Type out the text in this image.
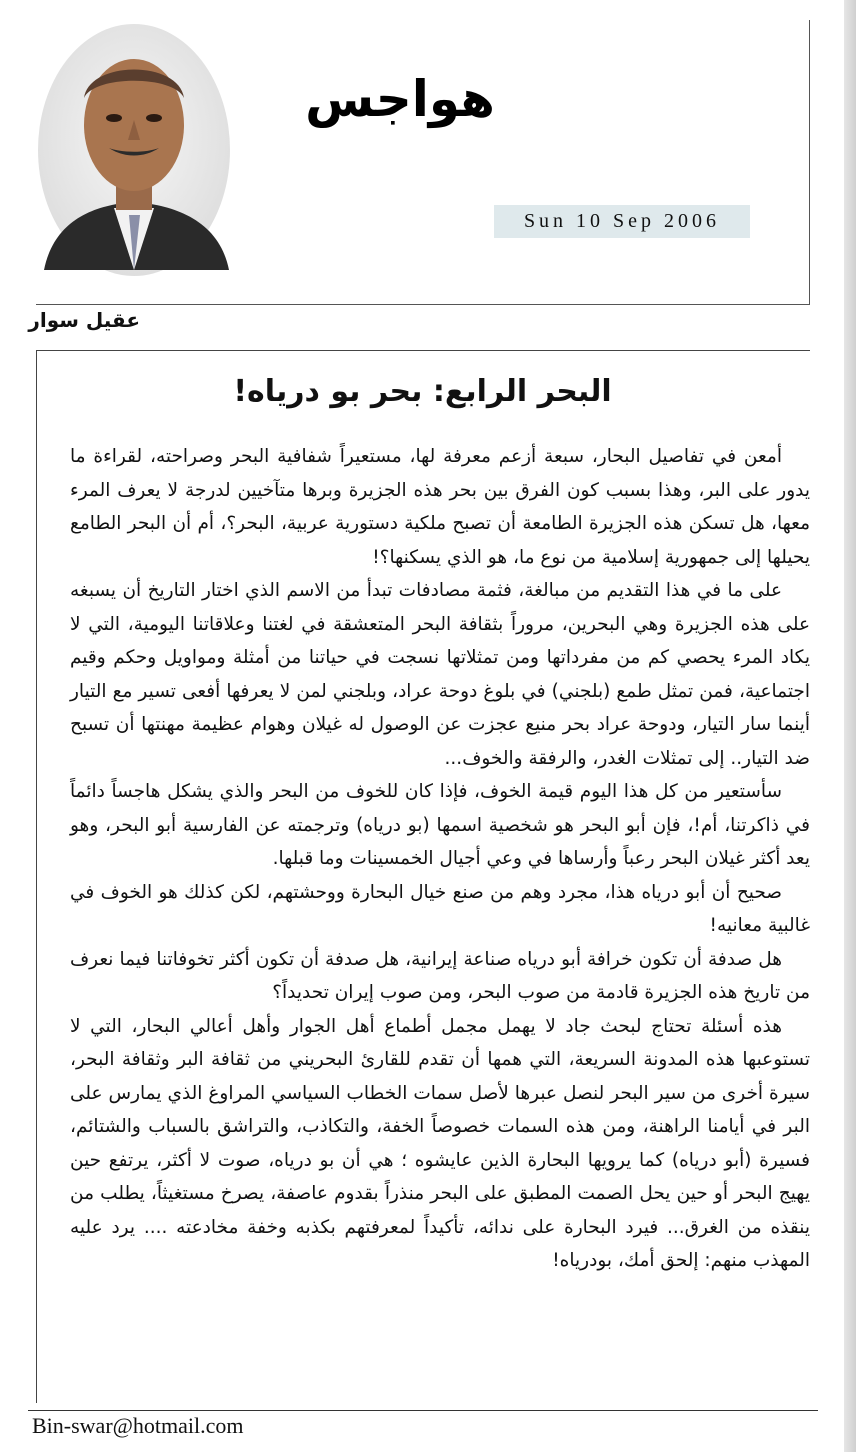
هواجس
Sun 10 Sep 2006
عقيل سوار
البحر الرابع: بحر بو درياه!

أمعن في تفاصيل البحار، سبعة أزعم معرفة لها، مستعيراً شفافية البحر وصراحته، لقراءة ما يدور على البر، وهذا بسبب كون الفرق بين بحر هذه الجزيرة وبرها متآخيين لدرجة لا يعرف المرء معها، هل تسكن هذه الجزيرة الطامعة أن تصبح ملكية دستورية عربية، البحر؟، أم أن البحر الطامع يحيلها إلى جمهورية إسلامية من نوع ما، هو الذي يسكنها؟!

على ما في هذا التقديم من مبالغة، فثمة مصادفات تبدأ من الاسم الذي اختار التاريخ أن يسبغه على هذه الجزيرة وهي البحرين، مروراً بثقافة البحر المتعشقة في لغتنا وعلاقاتنا اليومية، التي لا يكاد المرء يحصي كم من مفرداتها ومن تمثلاتها نسجت في حياتنا من أمثلة ومواويل وحكم وقيم اجتماعية، فمن تمثل طمع (بلجني) في بلوغ دوحة عراد، وبلجني لمن لا يعرفها أفعى تسير مع التيار أينما سار التيار، ودوحة عراد بحر منيع عجزت عن الوصول له غيلان وهوام عظيمة مهنتها أن تسبح ضد التيار.. إلى تمثلات الغدر، والرفقة والخوف...

سأستعير من كل هذا اليوم قيمة الخوف، فإذا كان للخوف من البحر والذي يشكل هاجساً دائماً في ذاكرتنا، أم!، فإن أبو البحر هو شخصية اسمها (بو درياه) وترجمته عن الفارسية أبو البحر، وهو يعد أكثر غيلان البحر رعباً وأرساها في وعي أجيال الخمسينات وما قبلها.

صحيح أن أبو درياه هذا، مجرد وهم من صنع خيال البحارة ووحشتهم، لكن كذلك هو الخوف في غالبية معانيه!

هل صدفة أن تكون خرافة أبو درياه صناعة إيرانية، هل صدفة أن تكون أكثر تخوفاتنا فيما نعرف من تاريخ هذه الجزيرة قادمة من صوب البحر، ومن صوب إيران تحديداً؟

هذه أسئلة تحتاج لبحث جاد لا يهمل مجمل أطماع أهل الجوار وأهل أعالي البحار، التي لا تستوعبها هذه المدونة السريعة، التي همها أن تقدم للقارئ البحريني من ثقافة البر وثقافة البحر، سيرة أخرى من سير البحر لنصل عبرها لأصل سمات الخطاب السياسي المراوغ الذي يمارس على البر في أيامنا الراهنة، ومن هذه السمات خصوصاً الخفة، والتكاذب، والتراشق بالسباب والشتائم، فسيرة (أبو درياه) كما يرويها البحارة الذين عايشوه ؛ هي أن بو درياه، صوت لا أكثر، يرتفع حين يهيج البحر أو حين يحل الصمت المطبق على البحر منذراً بقدوم عاصفة، يصرخ مستغيثاً، يطلب من ينقذه من الغرق... فيرد البحارة على ندائه، تأكيداً لمعرفتهم بكذبه وخفة مخادعته .... يرد عليه المهذب منهم: إلحق أمك، بودرياه!

Bin-swar@hotmail.com
